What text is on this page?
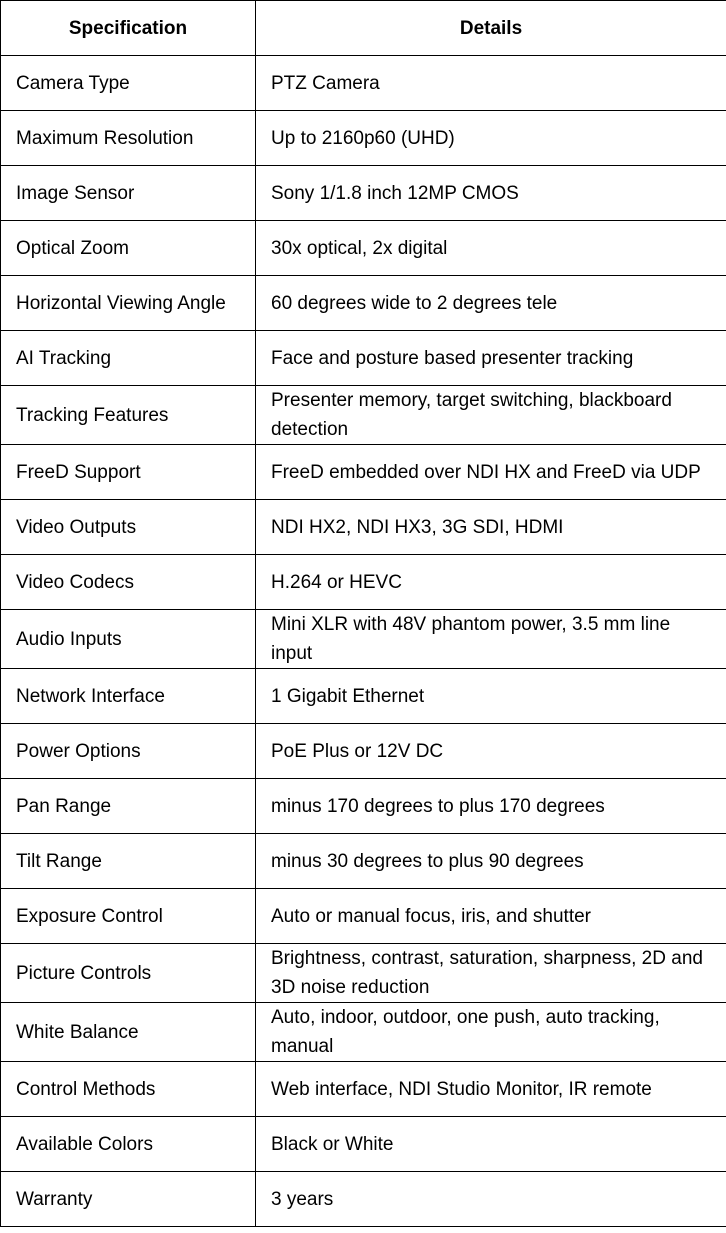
Specification	Details
Camera Type	PTZ Camera
Maximum Resolution	Up to 2160p60 (UHD)
Image Sensor	Sony 1/1.8 inch 12MP CMOS
Optical Zoom	30x optical, 2x digital
Horizontal Viewing Angle	60 degrees wide to 2 degrees tele
AI Tracking	Face and posture based presenter tracking
Tracking Features	Presenter memory, target switching, blackboard detection
FreeD Support	FreeD embedded over NDI HX and FreeD via UDP
Video Outputs	NDI HX2, NDI HX3, 3G SDI, HDMI
Video Codecs	H.264 or HEVC
Audio Inputs	Mini XLR with 48V phantom power, 3.5 mm line input
Network Interface	1 Gigabit Ethernet
Power Options	PoE Plus or 12V DC
Pan Range	minus 170 degrees to plus 170 degrees
Tilt Range	minus 30 degrees to plus 90 degrees
Exposure Control	Auto or manual focus, iris, and shutter
Picture Controls	Brightness, contrast, saturation, sharpness, 2D and 3D noise reduction
White Balance	Auto, indoor, outdoor, one push, auto tracking, manual
Control Methods	Web interface, NDI Studio Monitor, IR remote
Available Colors	Black or White
Warranty	3 years
